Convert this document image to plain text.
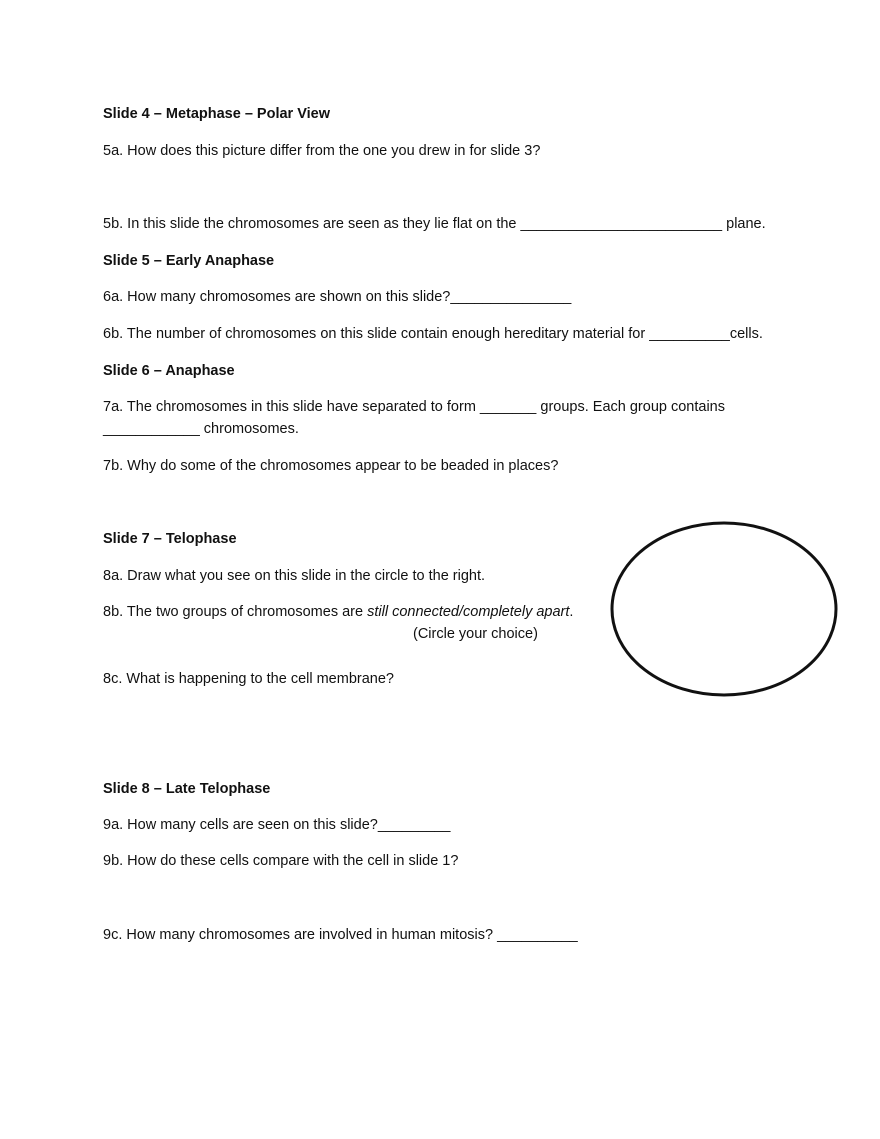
Slide 4 – Metaphase – Polar View
5a. How does this picture differ from the one you drew in for slide 3?
5b. In this slide the chromosomes are seen as they lie flat on the _________________________ plane.
Slide 5 – Early Anaphase
6a. How many chromosomes are shown on this slide?_______________
6b. The number of chromosomes on this slide contain enough hereditary material for __________cells.
Slide 6 – Anaphase
7a. The chromosomes in this slide have separated to form _______ groups. Each group contains
____________ chromosomes.
7b. Why do some of the chromosomes appear to be beaded in places?
Slide 7 – Telophase
8a. Draw what you see on this slide in the circle to the right.
8b. The two groups of chromosomes are still connected/completely apart.
(Circle your choice)
8c. What is happening to the cell membrane?
Slide 8 – Late Telophase
9a. How many cells are seen on this slide?_________
9b. How do these cells compare with the cell in slide 1?
9c. How many chromosomes are involved in human mitosis? __________
